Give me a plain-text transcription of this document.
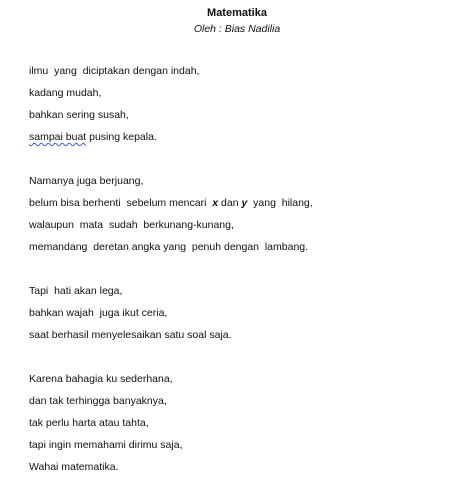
Matematika
Oleh : Bias Nadilia
ilmu  yang  diciptakan dengan indah,
kadang mudah,
bahkan sering susah,
sampai buat pusing kepala.
Namanya juga berjuang,
belum bisa berhenti  sebelum mencari  x dan y  yang  hilang,
walaupun  mata  sudah  berkunang-kunang,
memandang  deretan angka yang  penuh dengan  lambang.
Tapi  hati akan lega,
bahkan wajah  juga ikut ceria,
saat berhasil menyelesaikan satu soal saja.
Karena bahagia ku sederhana,
dan tak terhingga banyaknya,
tak perlu harta atau tahta,
tapi ingin memahami dirimu saja,
Wahai matematika.
